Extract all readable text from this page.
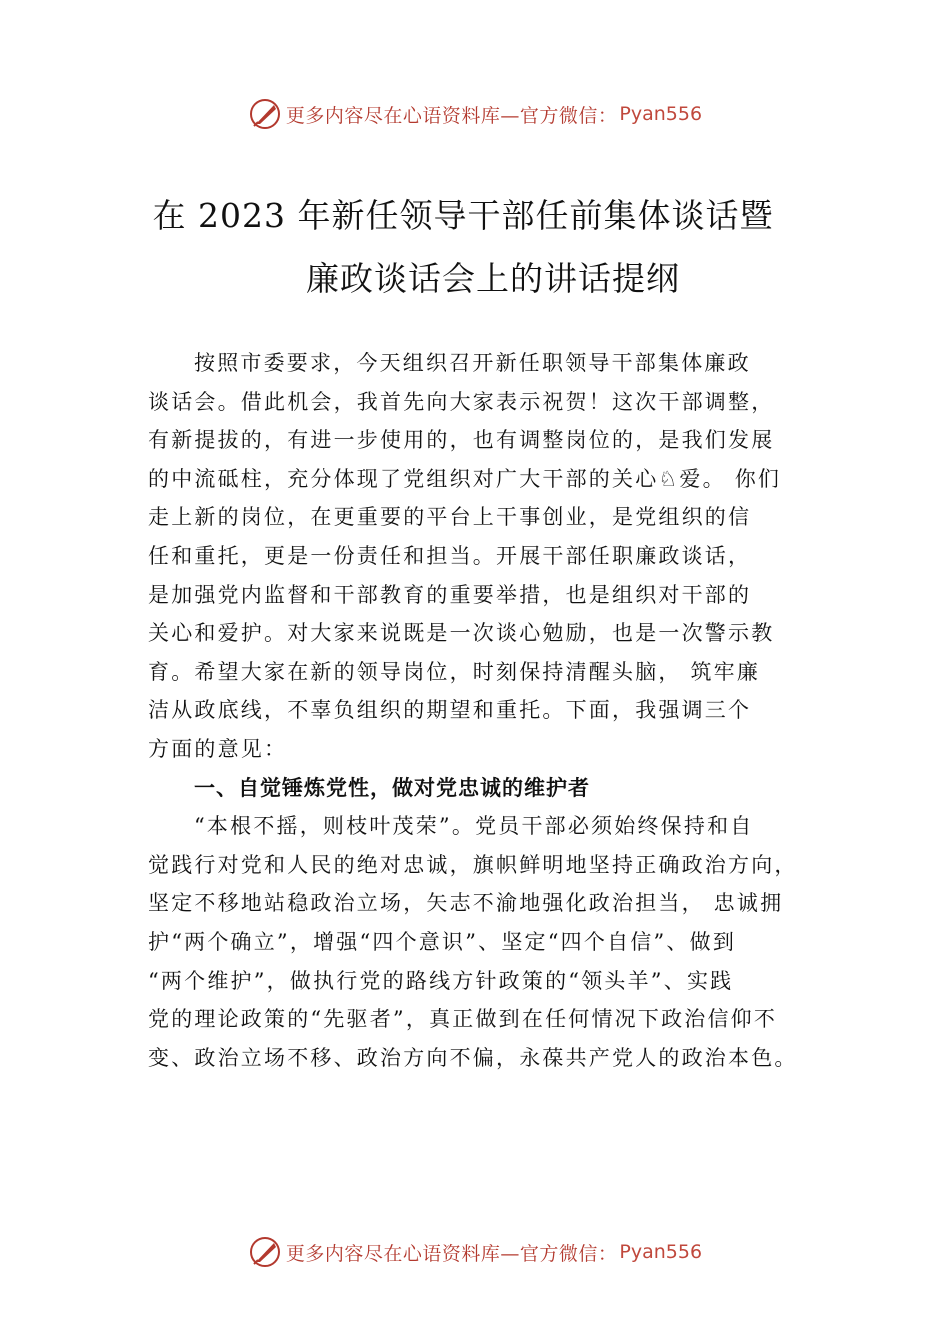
更多内容尽在心语资料库—官方微信： Pyan556
在 2023 年新任领导干部任前集体谈话暨
廉政谈话会上的讲话提纲
按照市委要求，今天组织召开新任职领导干部集体廉政
谈话会。借此机会，我首先向大家表示祝贺！这次干部调整，
有新提拔的，有进一步使用的，也有调整岗位的，是我们发展
的中流砥柱，充分体现了党组织对广大干部的关心♘爱。 你们
走上新的岗位，在更重要的平台上干事创业，是党组织的信
任和重托，更是一份责任和担当。开展干部任职廉政谈话，
是加强党内监督和干部教育的重要举措，也是组织对干部的
关心和爱护。对大家来说既是一次谈心勉励，也是一次警示教
育。希望大家在新的领导岗位，时刻保持清醒头脑， 筑牢廉
洁从政底线，不辜负组织的期望和重托。下面，我强调三个
方面的意见：
一、自觉锤炼党性，做对党忠诚的维护者
“本根不摇，则枝叶茂荣”。党员干部必须始终保持和自
觉践行对党和人民的绝对忠诚，旗帜鲜明地坚持正确政治方向，
坚定不移地站稳政治立场，矢志不渝地强化政治担当， 忠诚拥
护“两个确立”，增强“四个意识”、坚定“四个自信”、做到
“两个维护”，做执行党的路线方针政策的“领头羊”、实践
党的理论政策的“先驱者”，真正做到在任何情况下政治信仰不
变、政治立场不移、政治方向不偏，永葆共产党人的政治本色。
更多内容尽在心语资料库—官方微信： Pyan556
